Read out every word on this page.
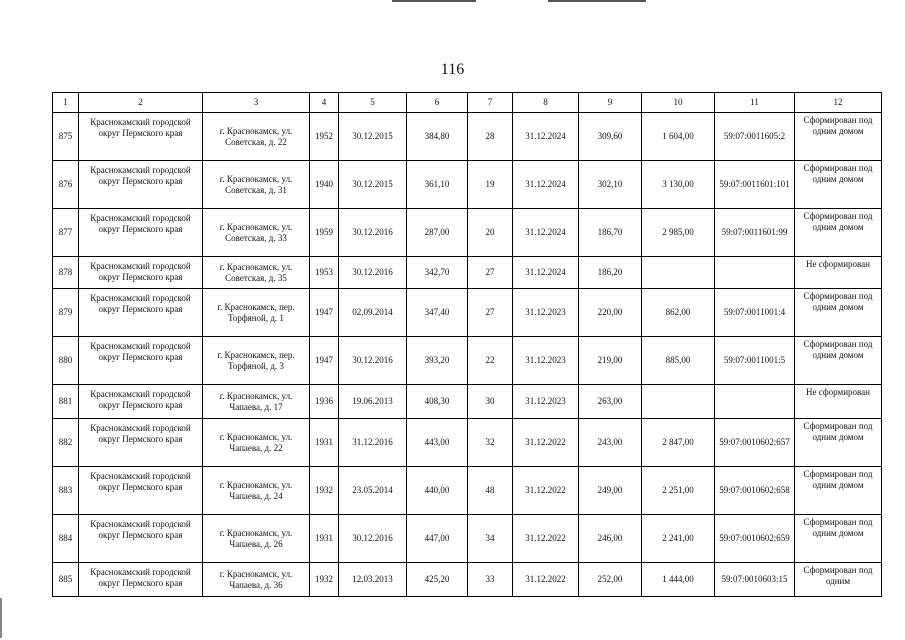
116
1	2	3	4	5	6	7	8	9	10	11	12
875	Краснокамский городской округ Пермского края	г. Краснокамск, ул. Советская, д. 22	1952	30.12.2015	384,80	28	31.12.2024	309,60	1 604,00	59:07:0011605:2	Сформирован под одним домом
876	Краснокамский городской округ Пермского края	г. Краснокамск, ул. Советская, д. 31	1940	30.12.2015	361,10	19	31.12.2024	302,10	3 130,00	59:07:0011601:101	Сформирован под одним домом
877	Краснокамский городской округ Пермского края	г. Краснокамск, ул. Советская, д. 33	1959	30.12.2016	287,00	20	31.12.2024	186,70	2 985,00	59:07:0011601:99	Сформирован под одним домом
878	Краснокамский городской округ Пермского края	г. Краснокамск, ул. Советская, д. 35	1953	30.12.2016	342,70	27	31.12.2024	186,20			Не сформирован
879	Краснокамский городской округ Пермского края	г. Краснокамск, пер. Торфяной, д. 1	1947	02.09.2014	347,40	27	31.12.2023	220,00	862,00	59:07:0011001:4	Сформирован под одним домом
880	Краснокамский городской округ Пермского края	г. Краснокамск, пер. Торфяной, д. 3	1947	30.12.2016	393,20	22	31.12.2023	219,00	885,00	59:07:0011001:5	Сформирован под одним домом
881	Краснокамский городской округ Пермского края	г. Краснокамск, ул. Чапаева, д. 17	1936	19.06.2013	408,30	30	31.12.2023	263,00			Не сформирован
882	Краснокамский городской округ Пермского края	г. Краснокамск, ул. Чапаева, д. 22	1931	31.12.2016	443,00	32	31.12.2022	243,00	2 847,00	59:07:0010602:657	Сформирован под одним домом
883	Краснокамский городской округ Пермского края	г. Краснокамск, ул. Чапаева, д. 24	1932	23.05.2014	440,00	48	31.12.2022	249,00	2 251,00	59:07:0010602:658	Сформирован под одним домом
884	Краснокамский городской округ Пермского края	г. Краснокамск, ул. Чапаева, д. 26	1931	30.12.2016	447,00	34	31.12.2022	246,00	2 241,00	59:07:0010602:659	Сформирован под одним домом
885	Краснокамский городской округ Пермского края	г. Краснокамск, ул. Чапаева, д. 36	1932	12.03.2013	425,20	33	31.12.2022	252,00	1 444,00	59:07:0010603:15	Сформирован под одним
